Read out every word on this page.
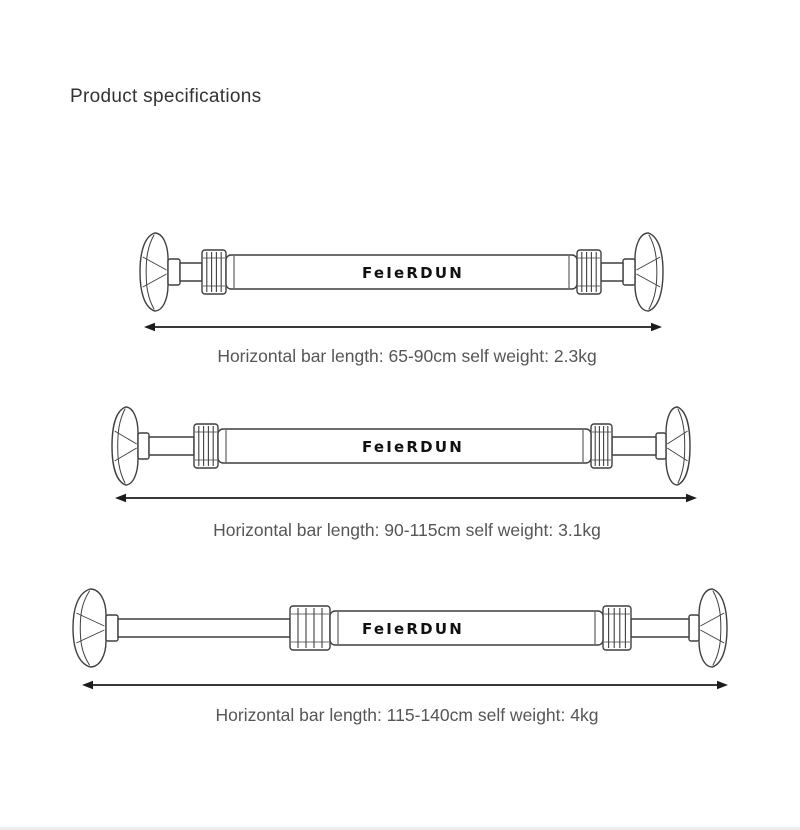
Product specifications
FeIeRDUN
Horizontal bar length: 65-90cm self weight: 2.3kg
FeIeRDUN
Horizontal bar length: 90-115cm self weight: 3.1kg
FeIeRDUN
Horizontal bar length: 115-140cm self weight: 4kg
